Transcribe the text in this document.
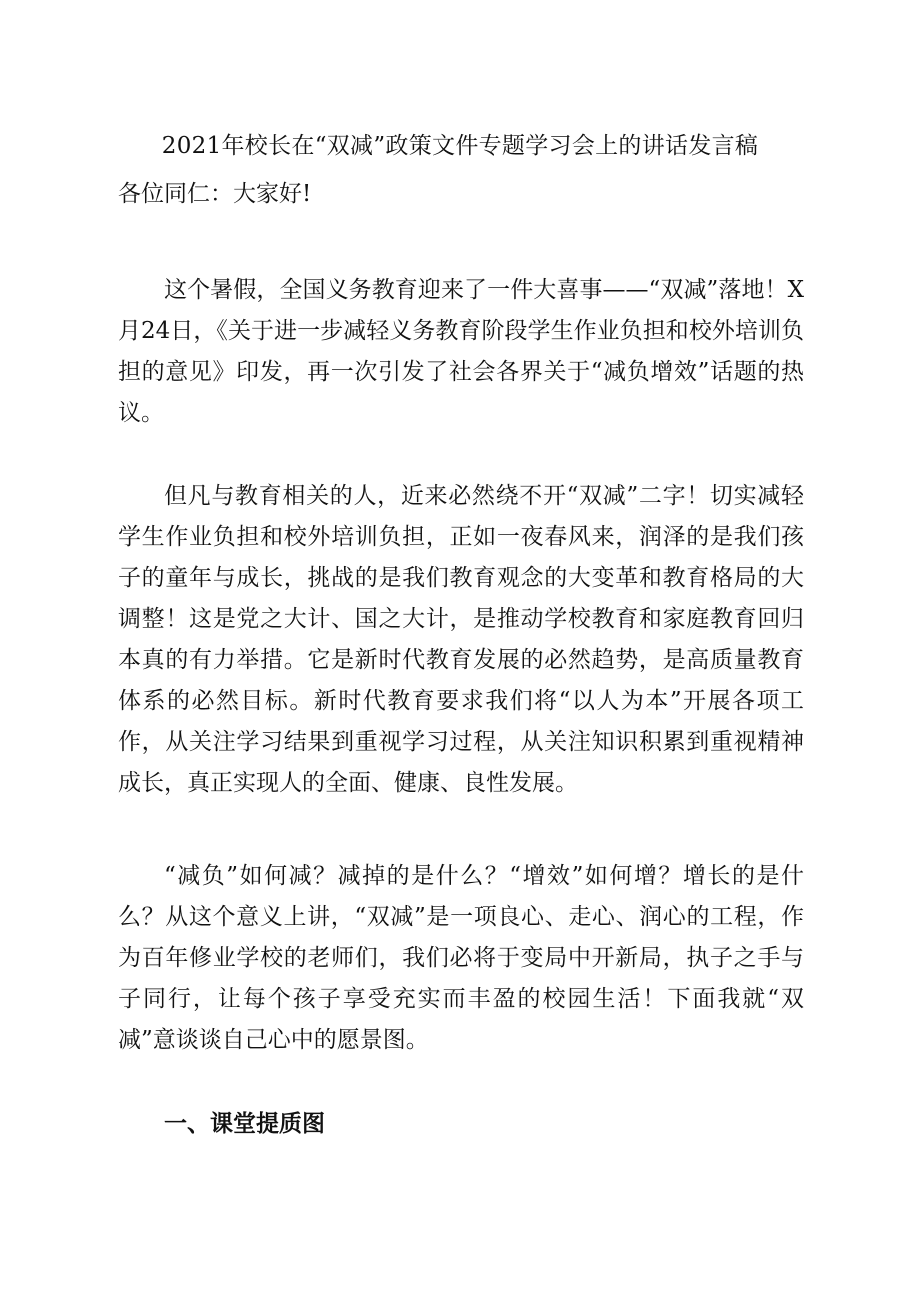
2021年校长在“双减”政策文件专题学习会上的讲话发言稿

各位同仁：大家好!

这个暑假，全国义务教育迎来了一件大喜事——“双减”落地！X月24日，《关于进一步减轻义务教育阶段学生作业负担和校外培训负担的意见》印发，再一次引发了社会各界关于“减负增效”话题的热议。

但凡与教育相关的人，近来必然绕不开“双减”二字！切实减轻学生作业负担和校外培训负担，正如一夜春风来，润泽的是我们孩子的童年与成长，挑战的是我们教育观念的大变革和教育格局的大调整！这是党之大计、国之大计，是推动学校教育和家庭教育回归本真的有力举措。它是新时代教育发展的必然趋势，是高质量教育体系的必然目标。新时代教育要求我们将“以人为本”开展各项工作，从关注学习结果到重视学习过程，从关注知识积累到重视精神成长，真正实现人的全面、健康、良性发展。

“减负”如何减？减掉的是什么？“增效”如何增？增长的是什么？从这个意义上讲，“双减”是一项良心、走心、润心的工程，作为百年修业学校的老师们，我们必将于变局中开新局，执子之手与子同行，让每个孩子享受充实而丰盈的校园生活！下面我就“双减”意谈谈自己心中的愿景图。

一、课堂提质图
